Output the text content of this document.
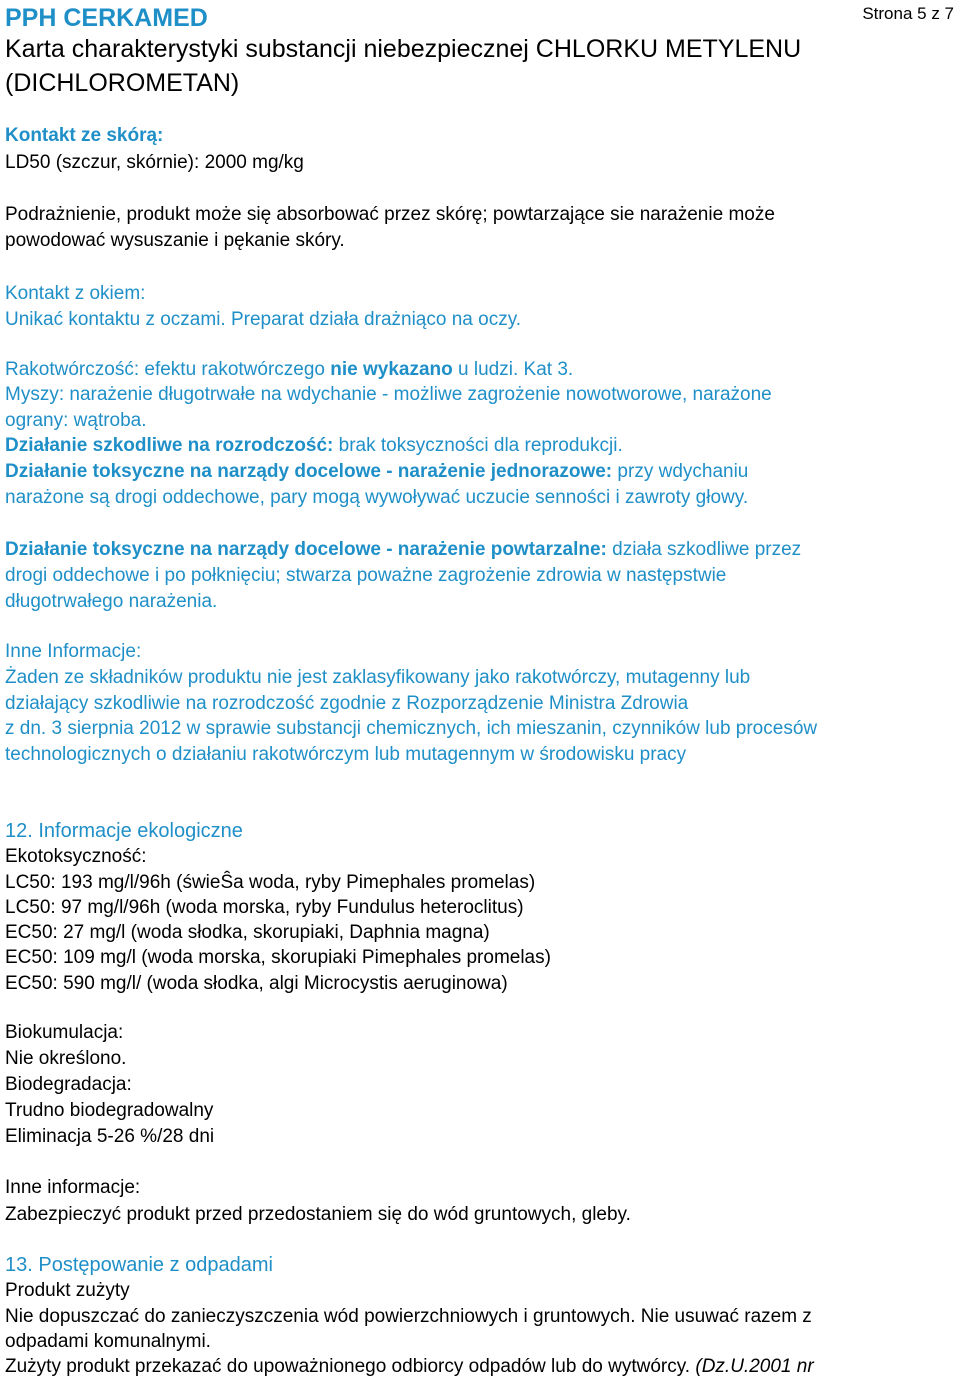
PPH CERKAMED	Strona 5 z 7
Karta charakterystyki substancji niebezpiecznej CHLORKU METYLENU
(DICHLOROMETAN)
Kontakt ze skórą:
LD50 (szczur, skórnie): 2000 mg/kg
Podrażnienie, produkt może się absorbować przez skórę; powtarzające sie narażenie może
powodować wysuszanie i pękanie skóry.
Kontakt z okiem:
Unikać kontaktu z oczami. Preparat działa drażniąco na oczy.
Rakotwórczość: efektu rakotwórczego nie wykazano u ludzi. Kat 3.
Myszy: narażenie długotrwałe na wdychanie - możliwe zagrożenie nowotworowe, narażone
ograny: wątroba.
Działanie szkodliwe na rozrodczość: brak toksyczności dla reprodukcji.
Działanie toksyczne na narządy docelowe - narażenie jednorazowe: przy wdychaniu
narażone są drogi oddechowe, pary mogą wywoływać uczucie senności i zawroty głowy.
Działanie toksyczne na narządy docelowe - narażenie powtarzalne: działa szkodliwe przez
drogi oddechowe i po połknięciu; stwarza poważne zagrożenie zdrowia w następstwie
długotrwałego narażenia.
Inne Informacje:
Żaden ze składników produktu nie jest zaklasyfikowany jako rakotwórczy, mutagenny lub
działający szkodliwie na rozrodczość zgodnie z Rozporządzenie Ministra Zdrowia
z dn. 3 sierpnia 2012 w sprawie substancji chemicznych, ich mieszanin, czynników lub procesów
technologicznych o działaniu rakotwórczym lub mutagennym w środowisku pracy
12. Informacje ekologiczne
Ekotoksyczność:
LC50: 193 mg/l/96h (świeŜa woda, ryby Pimephales promelas)
LC50: 97 mg/l/96h (woda morska, ryby Fundulus heteroclitus)
EC50: 27 mg/l (woda słodka, skorupiaki, Daphnia magna)
EC50: 109 mg/l (woda morska, skorupiaki Pimephales promelas)
EC50: 590 mg/l/ (woda słodka, algi Microcystis aeruginowa)
Biokumulacja:
Nie określono.
Biodegradacja:
Trudno biodegradowalny
Eliminacja 5-26 %/28 dni
Inne informacje:
Zabezpieczyć produkt przed przedostaniem się do wód gruntowych, gleby.
13. Postępowanie z odpadami
Produkt zużyty
Nie dopuszczać do zanieczyszczenia wód powierzchniowych i gruntowych. Nie usuwać razem z
odpadami komunalnymi.
Zużyty produkt przekazać do upoważnionego odbiorcy odpadów lub do wytwórcy. (Dz.U.2001 nr
